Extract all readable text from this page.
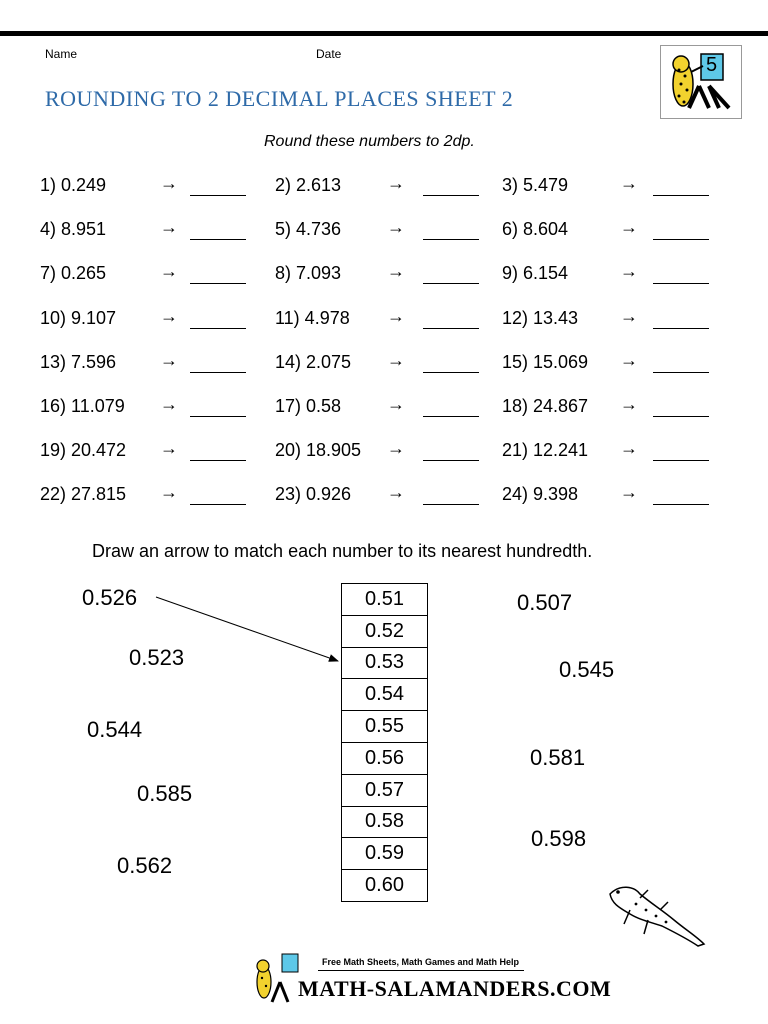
Name	Date
ROUNDING TO 2 DECIMAL PLACES SHEET 2
5
Round these numbers to 2dp.
1) 0.249	→	2) 2.613	→	3) 5.479	→
4) 8.951	→	5) 4.736	→	6) 8.604	→
7) 0.265	→	8) 7.093	→	9) 6.154	→
10) 9.107 →	11) 4.978 →	12) 13.43 →
13) 7.596 →	14) 2.075 →	15) 15.069 →
16) 11.079 →	17) 0.58	→	18) 24.867 →
19) 20.472 →	20) 18.905 →	21) 12.241 →
22) 27.815 →	23) 0.926 →	24) 9.398 →
Draw an arrow to match each number to its nearest hundredth.
0.526
0.523
0.544
0.585
0.562
0.507
0.545
0.581
0.598
0.51
0.52
0.53
0.54
0.55
0.56
0.57
0.58
0.59
0.60
Free Math Sheets, Math Games and Math Help
MATH-SALAMANDERS.COM
